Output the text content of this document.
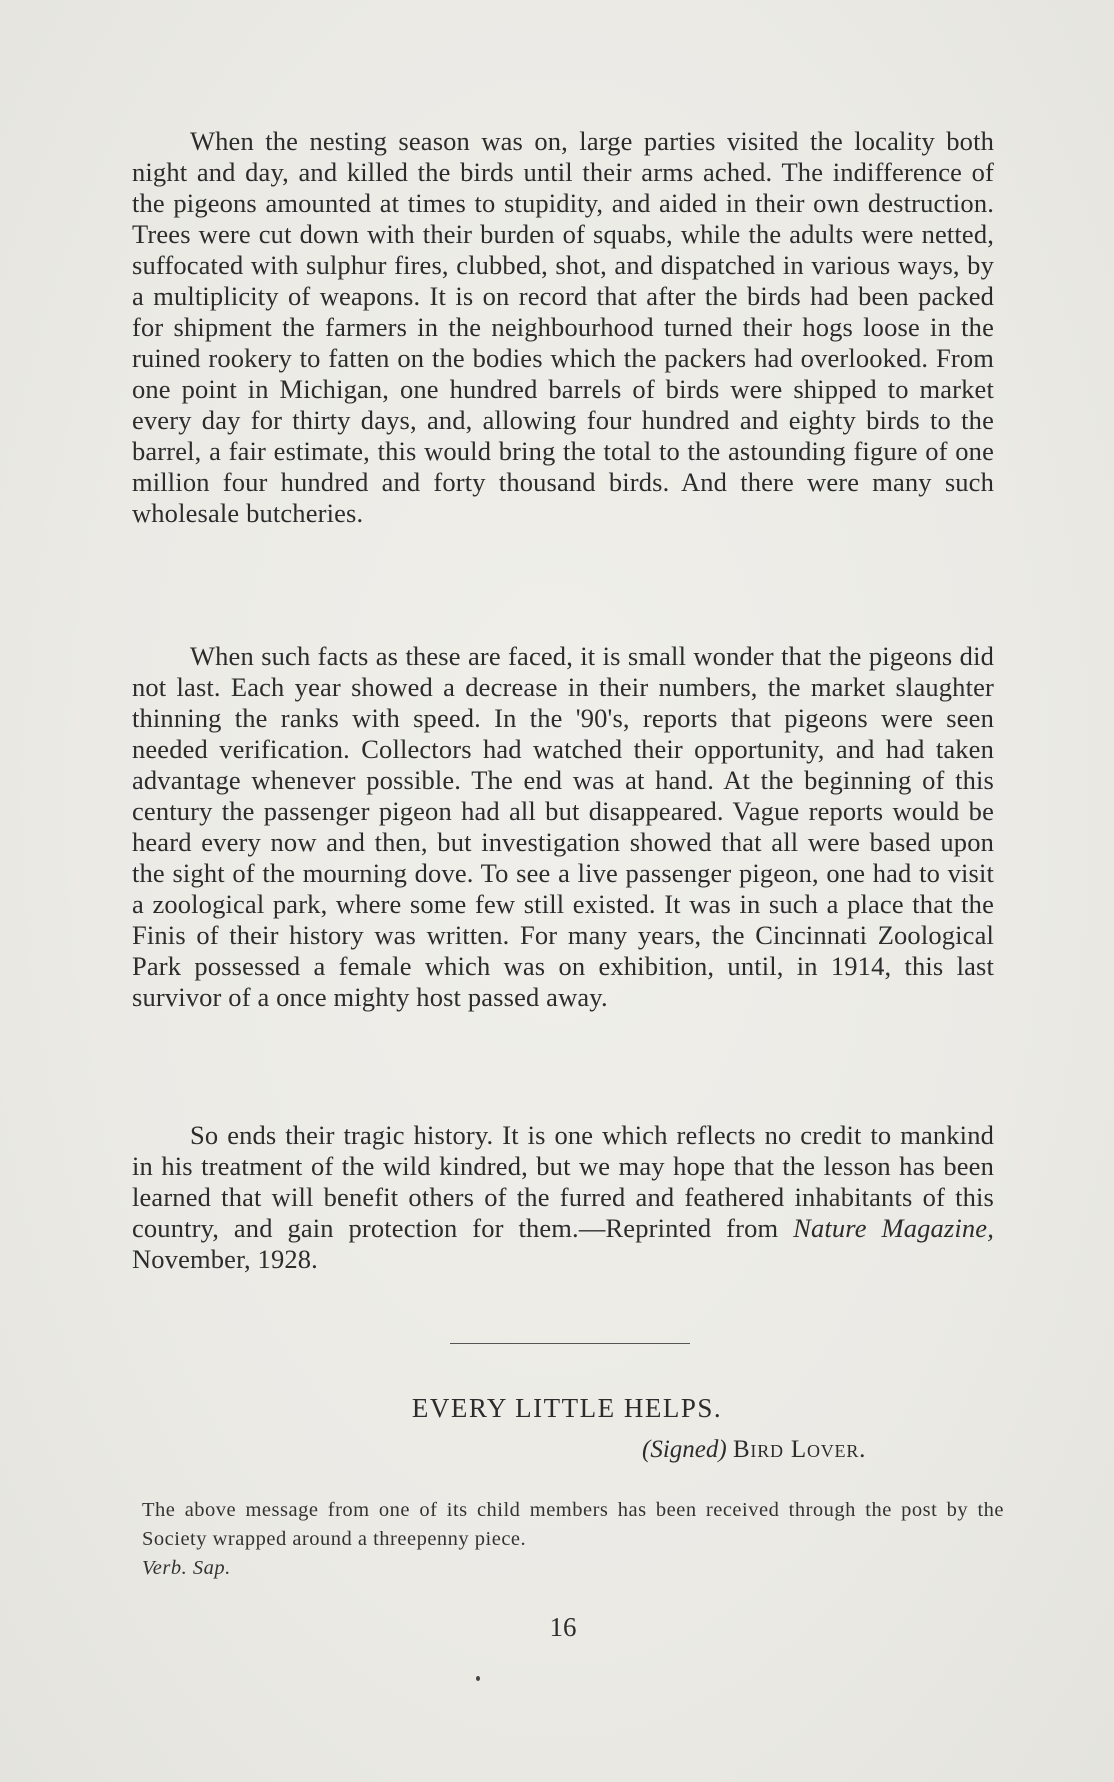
When the nesting season was on, large parties visited the locality both night and day, and killed the birds until their arms ached. The indifference of the pigeons amounted at times to stupidity, and aided in their own destruction. Trees were cut down with their burden of squabs, while the adults were netted, suffocated with sulphur fires, clubbed, shot, and dispatched in various ways, by a multiplicity of weapons. It is on record that after the birds had been packed for shipment the farmers in the neighbourhood turned their hogs loose in the ruined rookery to fatten on the bodies which the packers had overlooked. From one point in Michigan, one hundred barrels of birds were shipped to market every day for thirty days, and, allowing four hundred and eighty birds to the barrel, a fair estimate, this would bring the total to the astounding figure of one million four hundred and forty thousand birds. And there were many such wholesale butcheries.

When such facts as these are faced, it is small wonder that the pigeons did not last. Each year showed a decrease in their numbers, the market slaughter thinning the ranks with speed. In the '90's, reports that pigeons were seen needed verification. Collectors had watched their opportunity, and had taken advantage whenever possible. The end was at hand. At the beginning of this century the passenger pigeon had all but disappeared. Vague reports would be heard every now and then, but investigation showed that all were based upon the sight of the mourning dove. To see a live passenger pigeon, one had to visit a zoological park, where some few still existed. It was in such a place that the Finis of their history was written. For many years, the Cincinnati Zoological Park possessed a female which was on exhibition, until, in 1914, this last survivor of a once mighty host passed away.

So ends their tragic history. It is one which reflects no credit to mankind in his treatment of the wild kindred, but we may hope that the lesson has been learned that will benefit others of the furred and feathered inhabitants of this country, and gain protection for them.—Reprinted from Nature Magazine, November, 1928.

EVERY LITTLE HELPS.
(Signed) Bird Lover.
The above message from one of its child members has been received through the post by the Society wrapped around a threepenny piece.
Verb. Sap.
16
